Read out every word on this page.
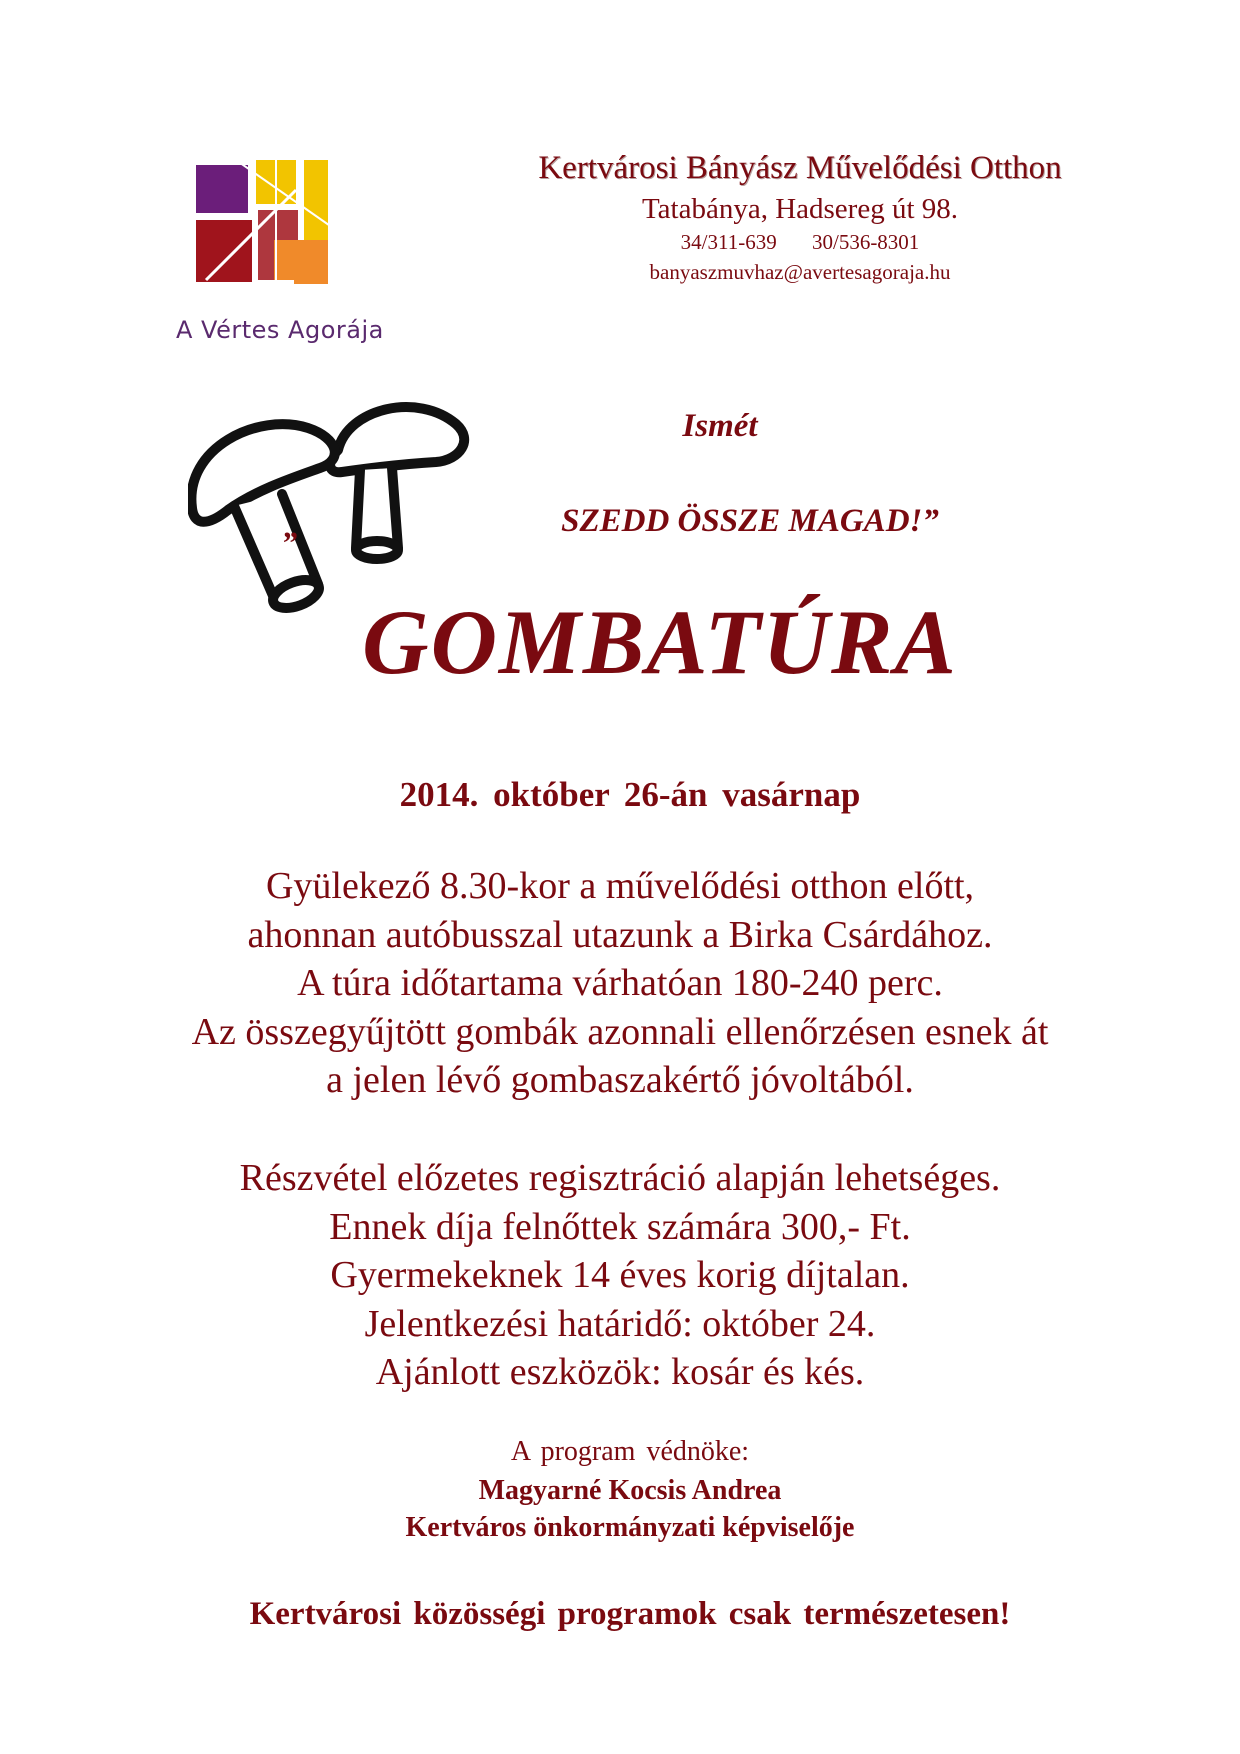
A Vértes Agorája
Kertvárosi Bányász Művelődési Otthon
Tatabánya, Hadsereg út 98.
34/311-639 30/536-8301
banyaszmuvhaz@avertesagoraja.hu
Ismét
„	SZEDD ÖSSZE MAGAD!”
GOMBATÚRA
2014. október 26-án vasárnap
Gyülekező 8.30-kor a művelődési otthon előtt,
ahonnan autóbusszal utazunk a Birka Csárdához.
A túra időtartama várhatóan 180-240 perc.
Az összegyűjtött gombák azonnali ellenőrzésen esnek át
a jelen lévő gombaszakértő jóvoltából.
Részvétel előzetes regisztráció alapján lehetséges.
Ennek díja felnőttek számára 300,- Ft.
Gyermekeknek 14 éves korig díjtalan.
Jelentkezési határidő: október 24.
Ajánlott eszközök: kosár és kés.
A program védnöke:
Magyarné Kocsis Andrea
Kertváros önkormányzati képviselője
Kertvárosi közösségi programok csak természetesen!
